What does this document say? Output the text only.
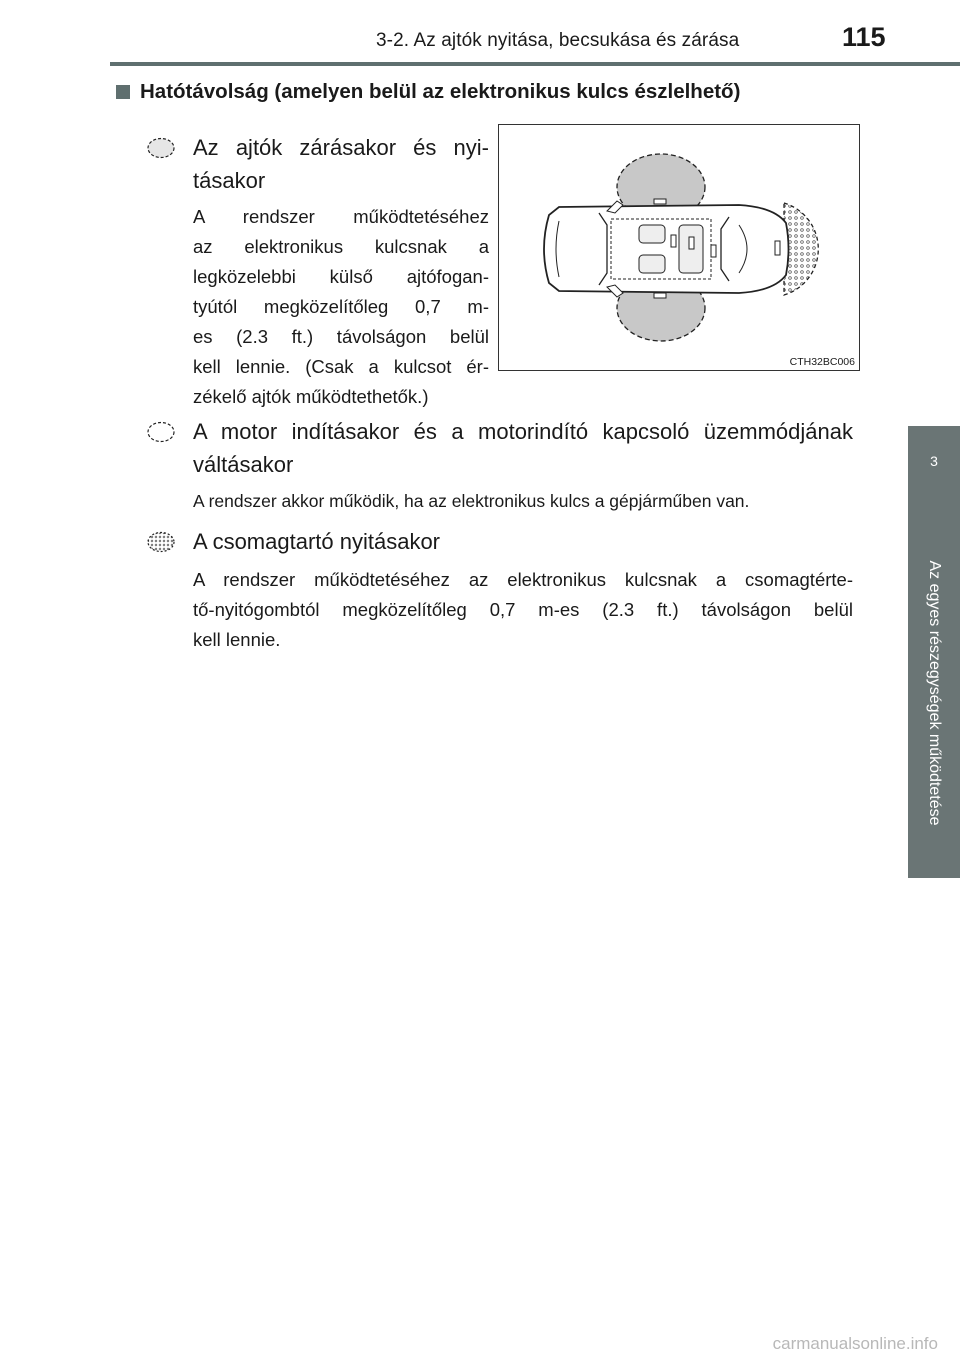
3-2. Az ajtók nyitása, becsukása és zárása	115
3
Az egyes részegységek működtetése
Hatótávolság (amelyen belül az elektronikus kulcs észlelhető)
Az ajtók zárásakor és nyi-
tásakor
A rendszer működtetéséhez
az elektronikus kulcsnak a
legközelebbi külső ajtófogan-
tyútól megközelítőleg 0,7 m-
es (2.3 ft.) távolságon belül
kell lennie. (Csak a kulcsot ér-
zékelő ajtók működtethetők.)
CTH32BC006
A motor indításakor és a motorindító kapcsoló üzemmódjának
váltásakor
A rendszer akkor működik, ha az elektronikus kulcs a gépjárműben van.
A csomagtartó nyitásakor
A rendszer működtetéséhez az elektronikus kulcsnak a csomagtérte-
tő-nyitógombtól megközelítőleg 0,7 m-es (2.3 ft.) távolságon belül
kell lennie.
carmanualsonline.info
